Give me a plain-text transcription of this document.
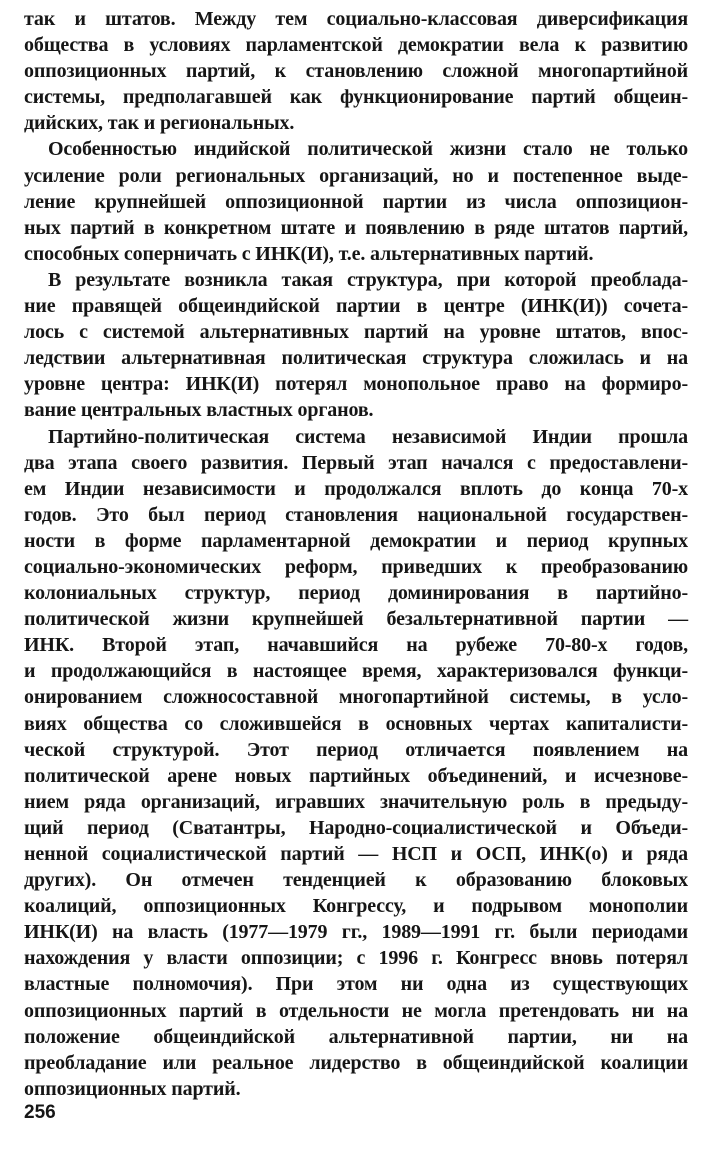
так и штатов. Между тем социально-классовая диверсификация
общества в условиях парламентской демократии вела к развитию
оппозиционных партий, к становлению сложной многопартийной
системы, предполагавшей как функционирование партий общеин-
дийских, так и региональных.
Особенностью индийской политической жизни стало не только
усиление роли региональных организаций, но и постепенное выде-
ление крупнейшей оппозиционной партии из числа оппозицион-
ных партий в конкретном штате и появлению в ряде штатов партий,
способных соперничать с ИНК(И), т.е. альтернативных партий.
В результате возникла такая структура, при которой преоблада-
ние правящей общеиндийской партии в центре (ИНК(И)) сочета-
лось с системой альтернативных партий на уровне штатов, впос-
ледствии альтернативная политическая структура сложилась и на
уровне центра: ИНК(И) потерял монопольное право на формиро-
вание центральных властных органов.
Партийно-политическая система независимой Индии прошла
два этапа своего развития. Первый этап начался с предоставлени-
ем Индии независимости и продолжался вплоть до конца 70-х
годов. Это был период становления национальной государствен-
ности в форме парламентарной демократии и период крупных
социально-экономических реформ, приведших к преобразованию
колониальных структур, период доминирования в партийно-
политической жизни крупнейшей безальтернативной партии —
ИНК. Второй этап, начавшийся на рубеже 70-80-х годов,
и продолжающийся в настоящее время, характеризовался функци-
онированием сложносоставной многопартийной системы, в усло-
виях общества со сложившейся в основных чертах капиталисти-
ческой структурой. Этот период отличается появлением на
политической арене новых партийных объединений, и исчезнове-
нием ряда организаций, игравших значительную роль в предыду-
щий период (Сватантры, Народно-социалистической и Объеди-
ненной социалистической партий — НСП и ОСП, ИНК(о) и ряда
других). Он отмечен тенденцией к образованию блоковых
коалиций, оппозиционных Конгрессу, и подрывом монополии
ИНК(И) на власть (1977—1979 гг., 1989—1991 гг. были периодами
нахождения у власти оппозиции; с 1996 г. Конгресс вновь потерял
властные полномочия). При этом ни одна из существующих
оппозиционных партий в отдельности не могла претендовать ни на
положение общеиндийской альтернативной партии, ни на
преобладание или реальное лидерство в общеиндийской коалиции
оппозиционных партий.
256
